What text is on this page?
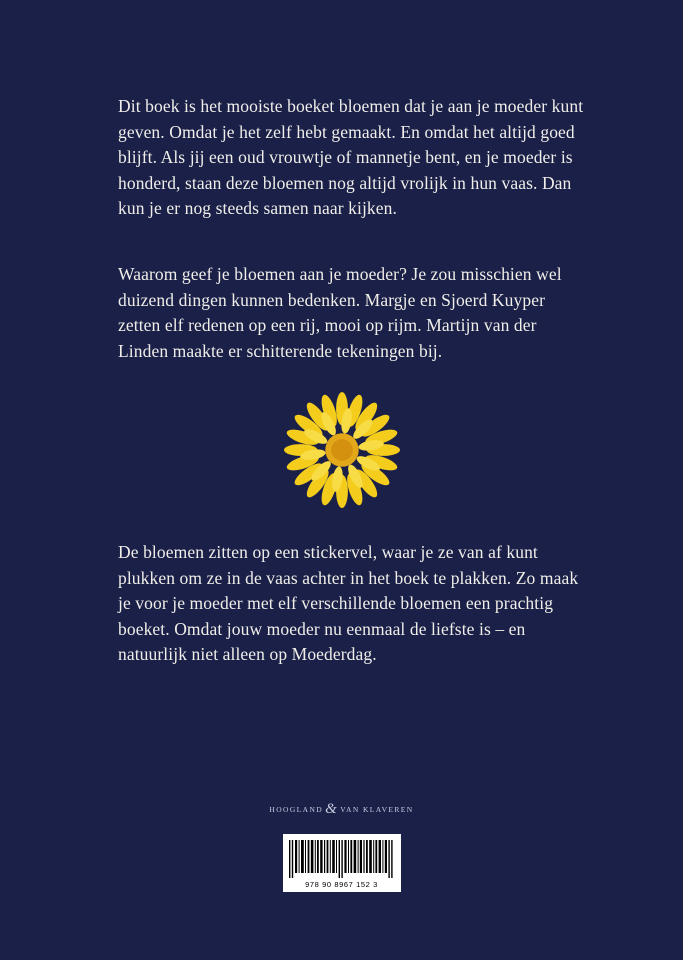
Dit boek is het mooiste boeket bloemen dat je aan je moeder kunt geven. Omdat je het zelf hebt gemaakt. En omdat het altijd goed blijft. Als jij een oud vrouwtje of mannetje bent, en je moeder is honderd, staan deze bloemen nog altijd vrolijk in hun vaas. Dan kun je er nog steeds samen naar kijken.

Waarom geef je bloemen aan je moeder? Je zou misschien wel duizend dingen kunnen bedenken. Margje en Sjoerd Kuyper zetten elf redenen op een rij, mooi op rijm. Martijn van der Linden maakte er schitterende tekeningen bij.

De bloemen zitten op een stickervel, waar je ze van af kunt plukken om ze in de vaas achter in het boek te plakken. Zo maak je voor je moeder met elf verschillende bloemen een prachtig boeket. Omdat jouw moeder nu eenmaal de liefste is – en natuurlijk niet alleen op Moederdag.

HOOGLAND & VAN KLAVEREN
978 90 8967 152 3
